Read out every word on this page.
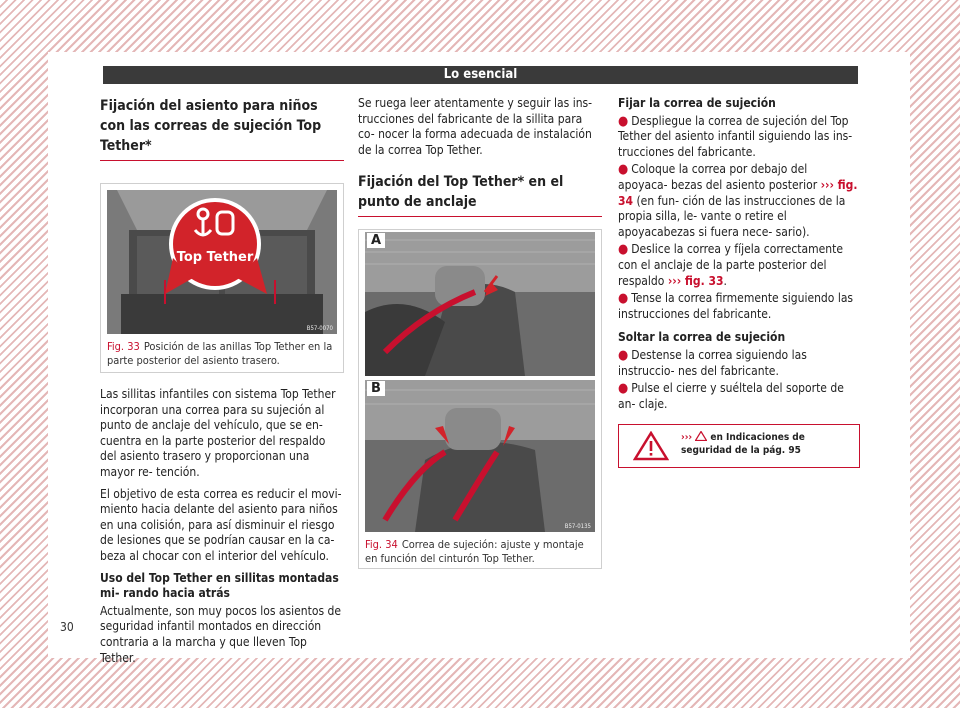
Lo esencial
Fijación del asiento para niños con las correas de sujeción Top Tether*
Top Tether
B57-0070
Fig. 33 Posición de las anillas Top Tether en la parte posterior del asiento trasero.

Las sillitas infantiles con sistema Top Tether incorporan una correa para su sujeción al punto de anclaje del vehículo, que se en- cuentra en la parte posterior del respaldo del asiento trasero y proporcionan una mayor re- tención.

El objetivo de esta correa es reducir el movi- miento hacia delante del asiento para niños en una colisión, para así disminuir el riesgo de lesiones que se podrían causar en la ca- beza al chocar con el interior del vehículo.

Uso del Top Tether en sillitas montadas mi- rando hacia atrás

Actualmente, son muy pocos los asientos de seguridad infantil montados en dirección contraria a la marcha y que lleven Top Tether.

Se ruega leer atentamente y seguir las ins- trucciones del fabricante de la sillita para co- nocer la forma adecuada de instalación de la correa Top Tether.

Fijación del Top Tether* en el punto de anclaje
A
B
B57-0135
Fig. 34 Correa de sujeción: ajuste y montaje en función del cinturón Top Tether.
Fijar la correa de sujeción
● Despliegue la correa de sujeción del Top Tether del asiento infantil siguiendo las ins- trucciones del fabricante.
● Coloque la correa por debajo del apoyaca- bezas del asiento posterior ››› fig. 34 (en fun- ción de las instrucciones de la propia silla, le- vante o retire el apoyacabezas si fuera nece- sario).
● Deslice la correa y fíjela correctamente con el anclaje de la parte posterior del respaldo ››› fig. 33.
● Tense la correa firmemente siguiendo las instrucciones del fabricante.
Soltar la correa de sujeción
● Destense la correa siguiendo las instruccio- nes del fabricante.
● Pulse el cierre y suéltela del soporte de an- claje.
››› en Indicaciones de seguridad de la pág. 95
30
